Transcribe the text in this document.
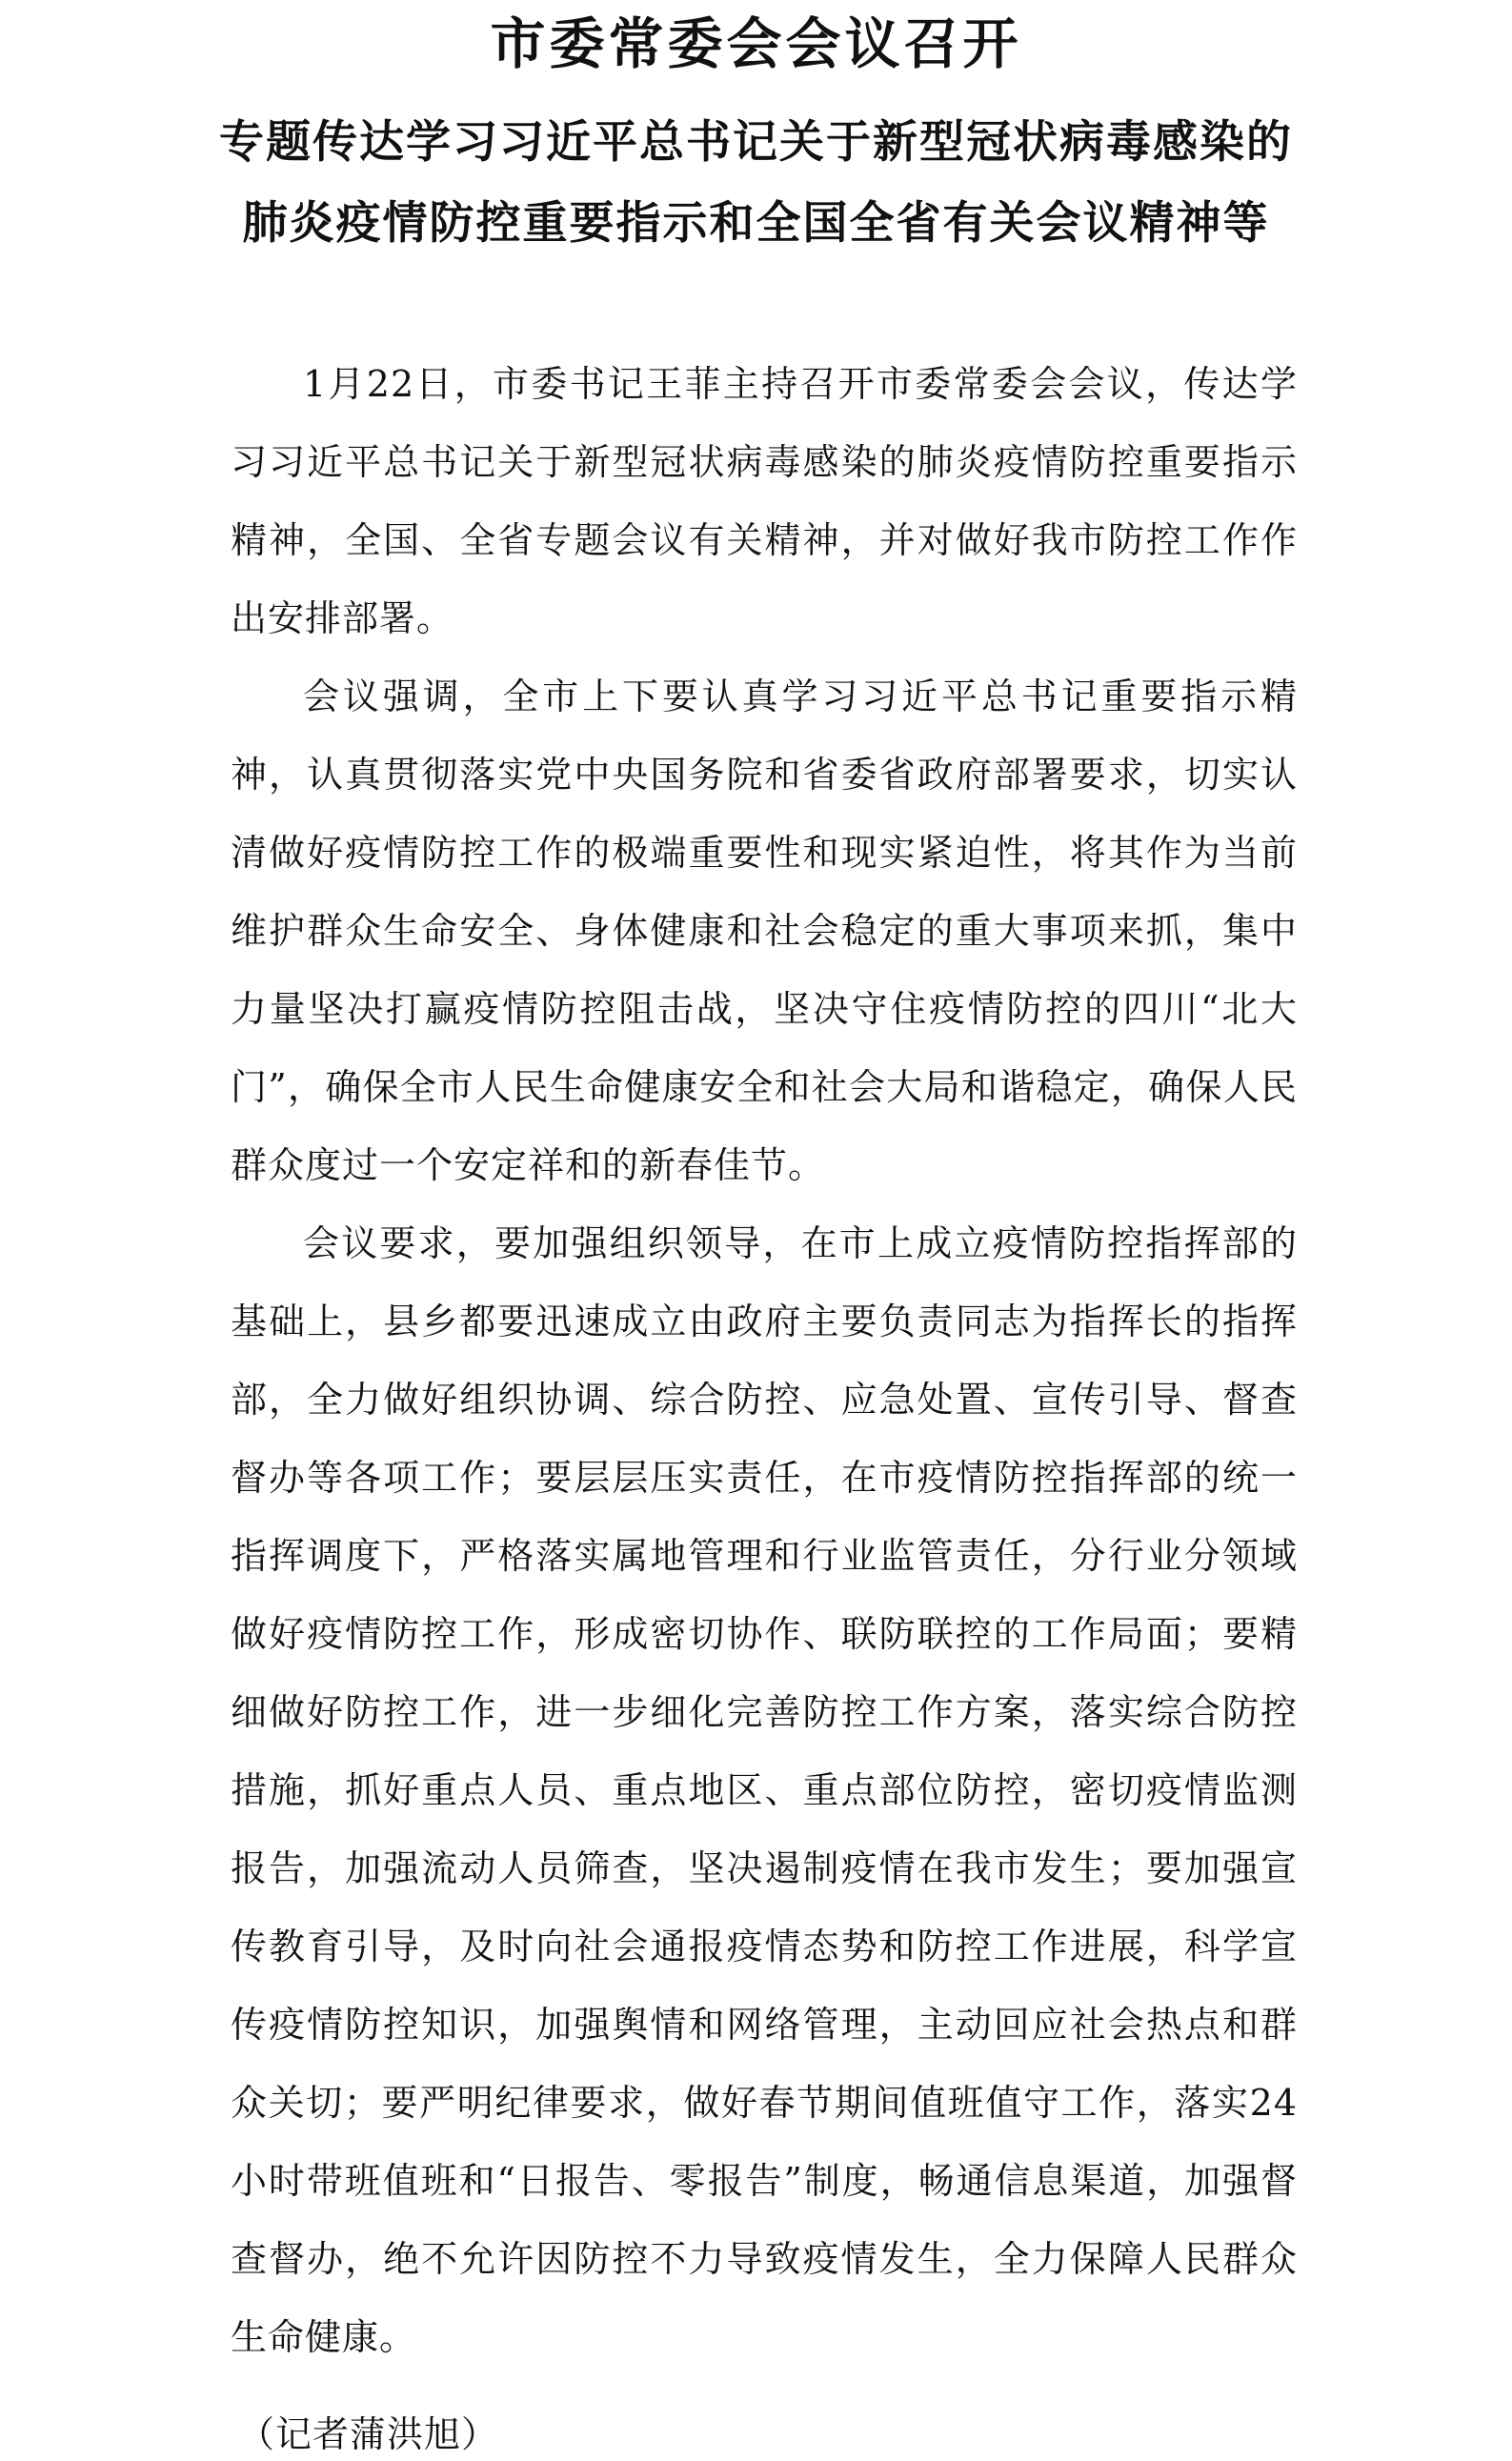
市委常委会会议召开
专题传达学习习近平总书记关于新型冠状病毒感染的
肺炎疫情防控重要指示和全国全省有关会议精神等

1月22日，市委书记王菲主持召开市委常委会会议，传达学习习近平总书记关于新型冠状病毒感染的肺炎疫情防控重要指示精神，全国、全省专题会议有关精神，并对做好我市防控工作作出安排部署。

会议强调，全市上下要认真学习习近平总书记重要指示精神，认真贯彻落实党中央国务院和省委省政府部署要求，切实认清做好疫情防控工作的极端重要性和现实紧迫性，将其作为当前维护群众生命安全、身体健康和社会稳定的重大事项来抓，集中力量坚决打赢疫情防控阻击战，坚决守住疫情防控的四川“北大门”，确保全市人民生命健康安全和社会大局和谐稳定，确保人民群众度过一个安定祥和的新春佳节。

会议要求，要加强组织领导，在市上成立疫情防控指挥部的基础上，县乡都要迅速成立由政府主要负责同志为指挥长的指挥部，全力做好组织协调、综合防控、应急处置、宣传引导、督查督办等各项工作；要层层压实责任，在市疫情防控指挥部的统一指挥调度下，严格落实属地管理和行业监管责任，分行业分领域做好疫情防控工作，形成密切协作、联防联控的工作局面；要精细做好防控工作，进一步细化完善防控工作方案，落实综合防控措施，抓好重点人员、重点地区、重点部位防控，密切疫情监测报告，加强流动人员筛查，坚决遏制疫情在我市发生；要加强宣传教育引导，及时向社会通报疫情态势和防控工作进展，科学宣传疫情防控知识，加强舆情和网络管理，主动回应社会热点和群众关切；要严明纪律要求，做好春节期间值班值守工作，落实24小时带班值班和“日报告、零报告”制度，畅通信息渠道，加强督查督办，绝不允许因防控不力导致疫情发生，全力保障人民群众生命健康。

（记者蒲洪旭）
